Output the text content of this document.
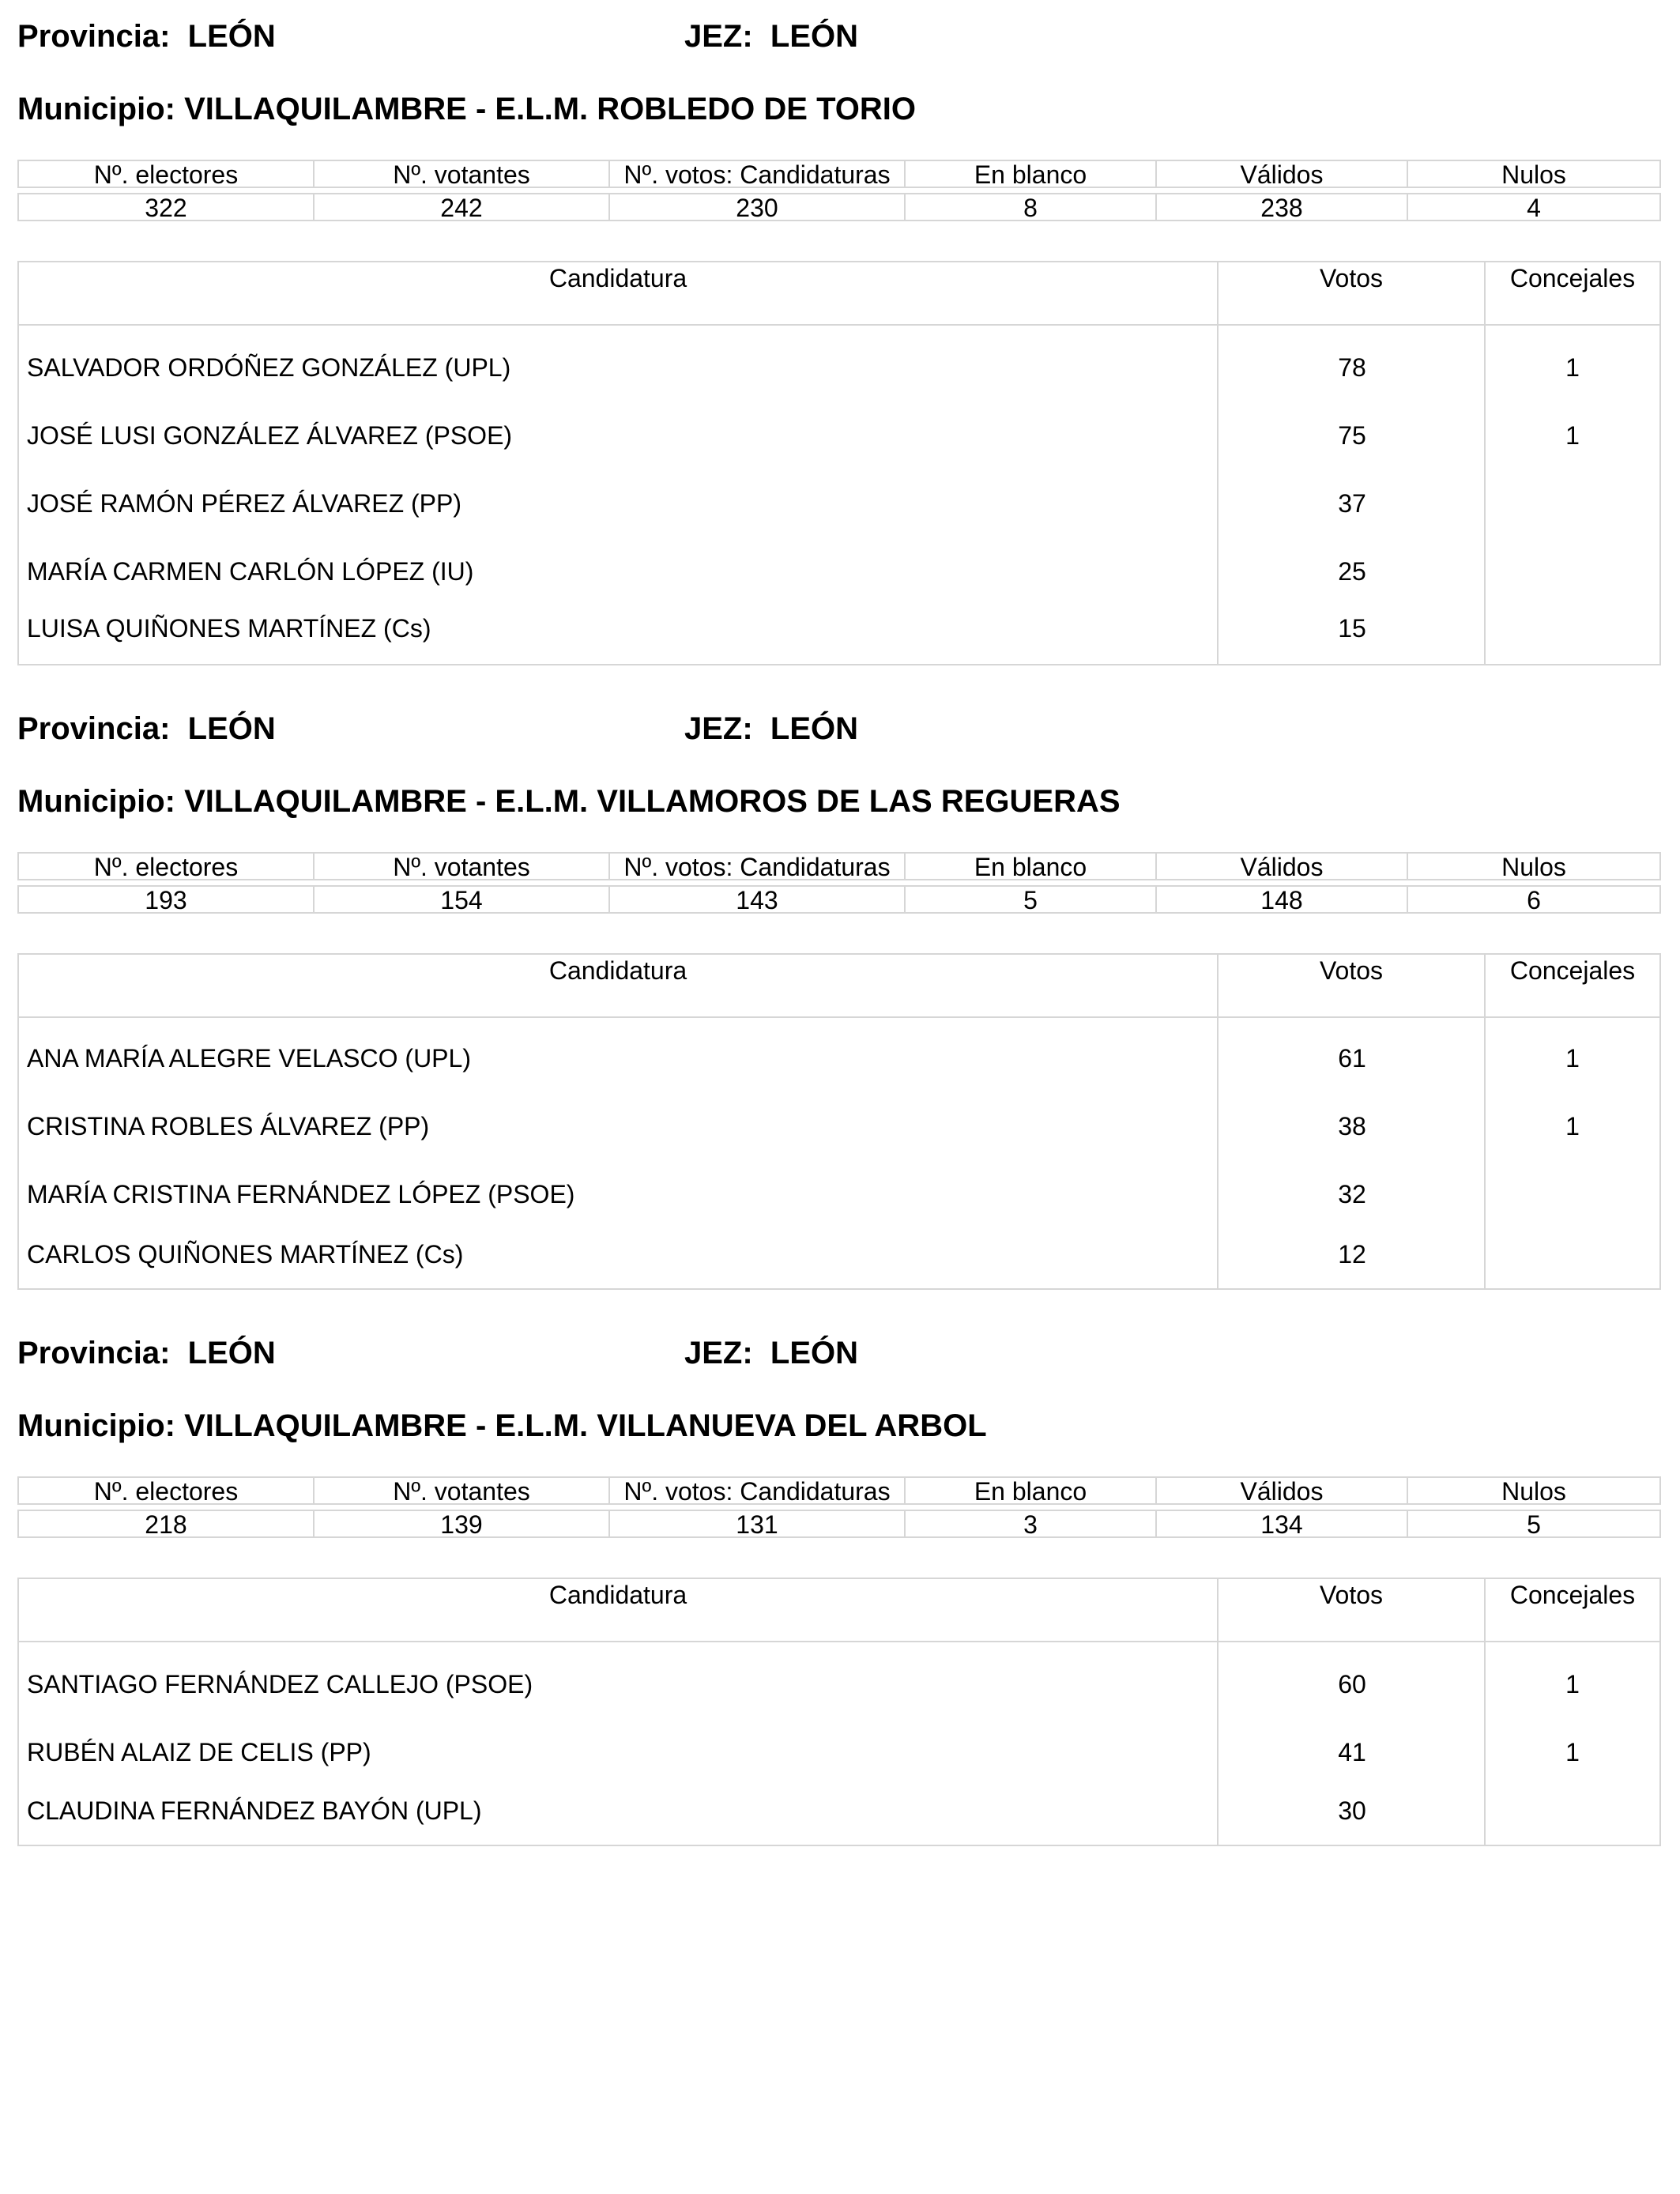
Provincia: LEÓN	JEZ: LEÓN
Municipio: VILLAQUILAMBRE - E.L.M. ROBLEDO DE TORIO
Nº. electores	Nº. votantes	Nº. votos: Candidaturas	En blanco	Válidos	Nulos
322	242	230	8	238	4
Candidatura	Votos	Concejales
SALVADOR ORDÓÑEZ GONZÁLEZ (UPL)	78	1
JOSÉ LUSI GONZÁLEZ ÁLVAREZ (PSOE)	75	1
JOSÉ RAMÓN PÉREZ ÁLVAREZ (PP)	37
MARÍA CARMEN CARLÓN LÓPEZ (IU)	25
LUISA QUIÑONES MARTÍNEZ (Cs)	15
Provincia: LEÓN	JEZ: LEÓN
Municipio: VILLAQUILAMBRE - E.L.M. VILLAMOROS DE LAS REGUERAS
Nº. electores	Nº. votantes	Nº. votos: Candidaturas	En blanco	Válidos	Nulos
193	154	143	5	148	6
Candidatura	Votos	Concejales
ANA MARÍA ALEGRE VELASCO (UPL)	61	1
CRISTINA ROBLES ÁLVAREZ (PP)	38	1
MARÍA CRISTINA FERNÁNDEZ LÓPEZ (PSOE)	32
CARLOS QUIÑONES MARTÍNEZ (Cs)	12
Provincia: LEÓN	JEZ: LEÓN
Municipio: VILLAQUILAMBRE - E.L.M. VILLANUEVA DEL ARBOL
Nº. electores	Nº. votantes	Nº. votos: Candidaturas	En blanco	Válidos	Nulos
218	139	131	3	134	5
Candidatura	Votos	Concejales
SANTIAGO FERNÁNDEZ CALLEJO (PSOE)	60	1
RUBÉN ALAIZ DE CELIS (PP)	41	1
CLAUDINA FERNÁNDEZ BAYÓN (UPL)	30
